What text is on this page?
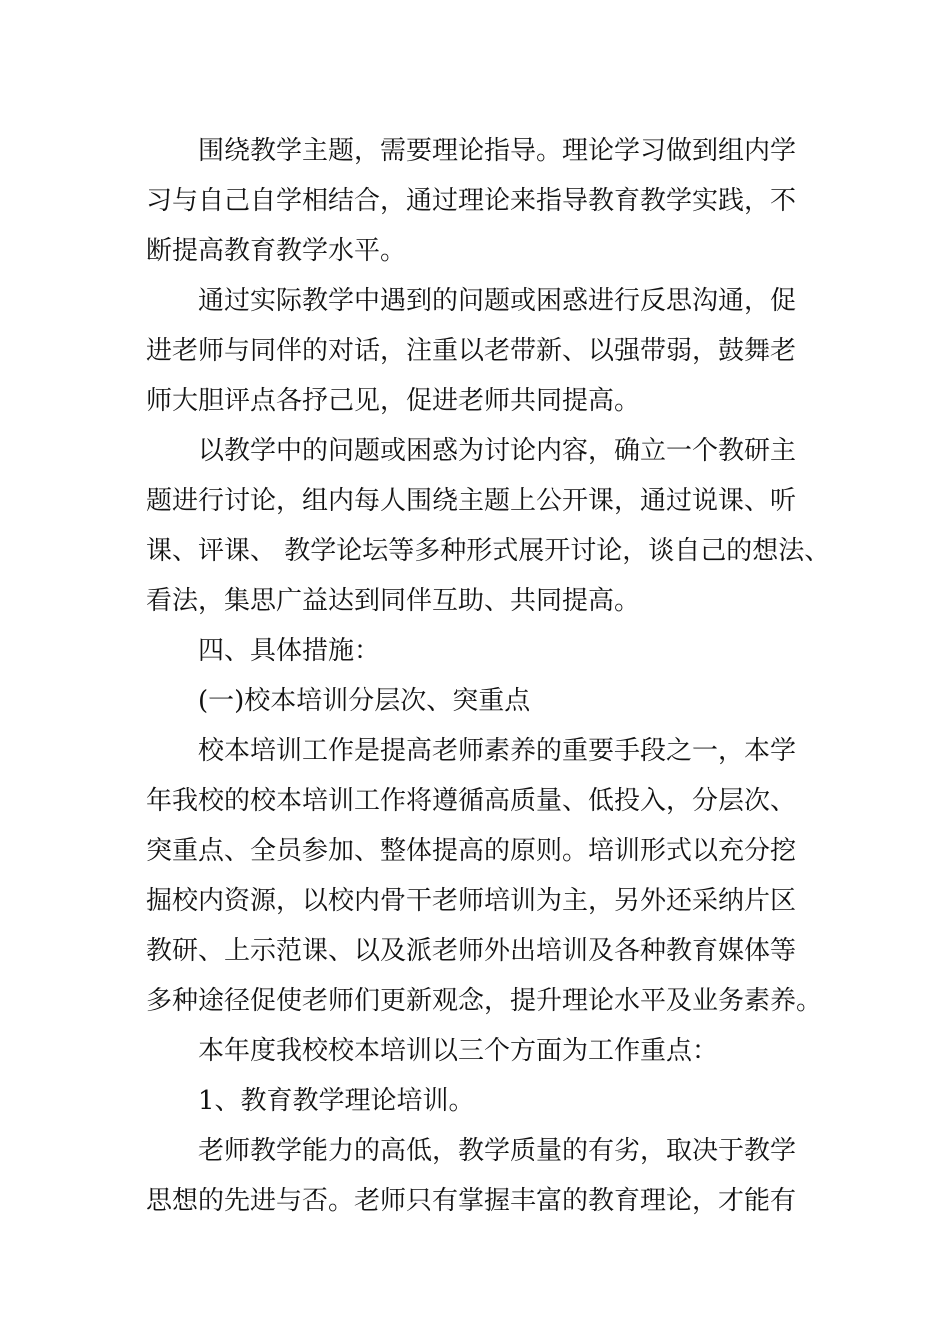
围绕教学主题，需要理论指导。理论学习做到组内学
习与自己自学相结合，通过理论来指导教育教学实践，不
断提高教育教学水平。
通过实际教学中遇到的问题或困惑进行反思沟通，促
进老师与同伴的对话，注重以老带新、以强带弱，鼓舞老
师大胆评点各抒己见，促进老师共同提高。
以教学中的问题或困惑为讨论内容，确立一个教研主
题进行讨论，组内每人围绕主题上公开课，通过说课、听
课、评课、 教学论坛等多种形式展开讨论，谈自己的想法、
看法，集思广益达到同伴互助、共同提高。
四、具体措施：
(一)校本培训分层次、突重点
校本培训工作是提高老师素养的重要手段之一，本学
年我校的校本培训工作将遵循高质量、低投入，分层次、
突重点、全员参加、整体提高的原则。培训形式以充分挖
掘校内资源，以校内骨干老师培训为主，另外还采纳片区
教研、上示范课、以及派老师外出培训及各种教育媒体等
多种途径促使老师们更新观念，提升理论水平及业务素养。
本年度我校校本培训以三个方面为工作重点：
1、教育教学理论培训。
老师教学能力的高低，教学质量的有劣，取决于教学
思想的先进与否。老师只有掌握丰富的教育理论，才能有
